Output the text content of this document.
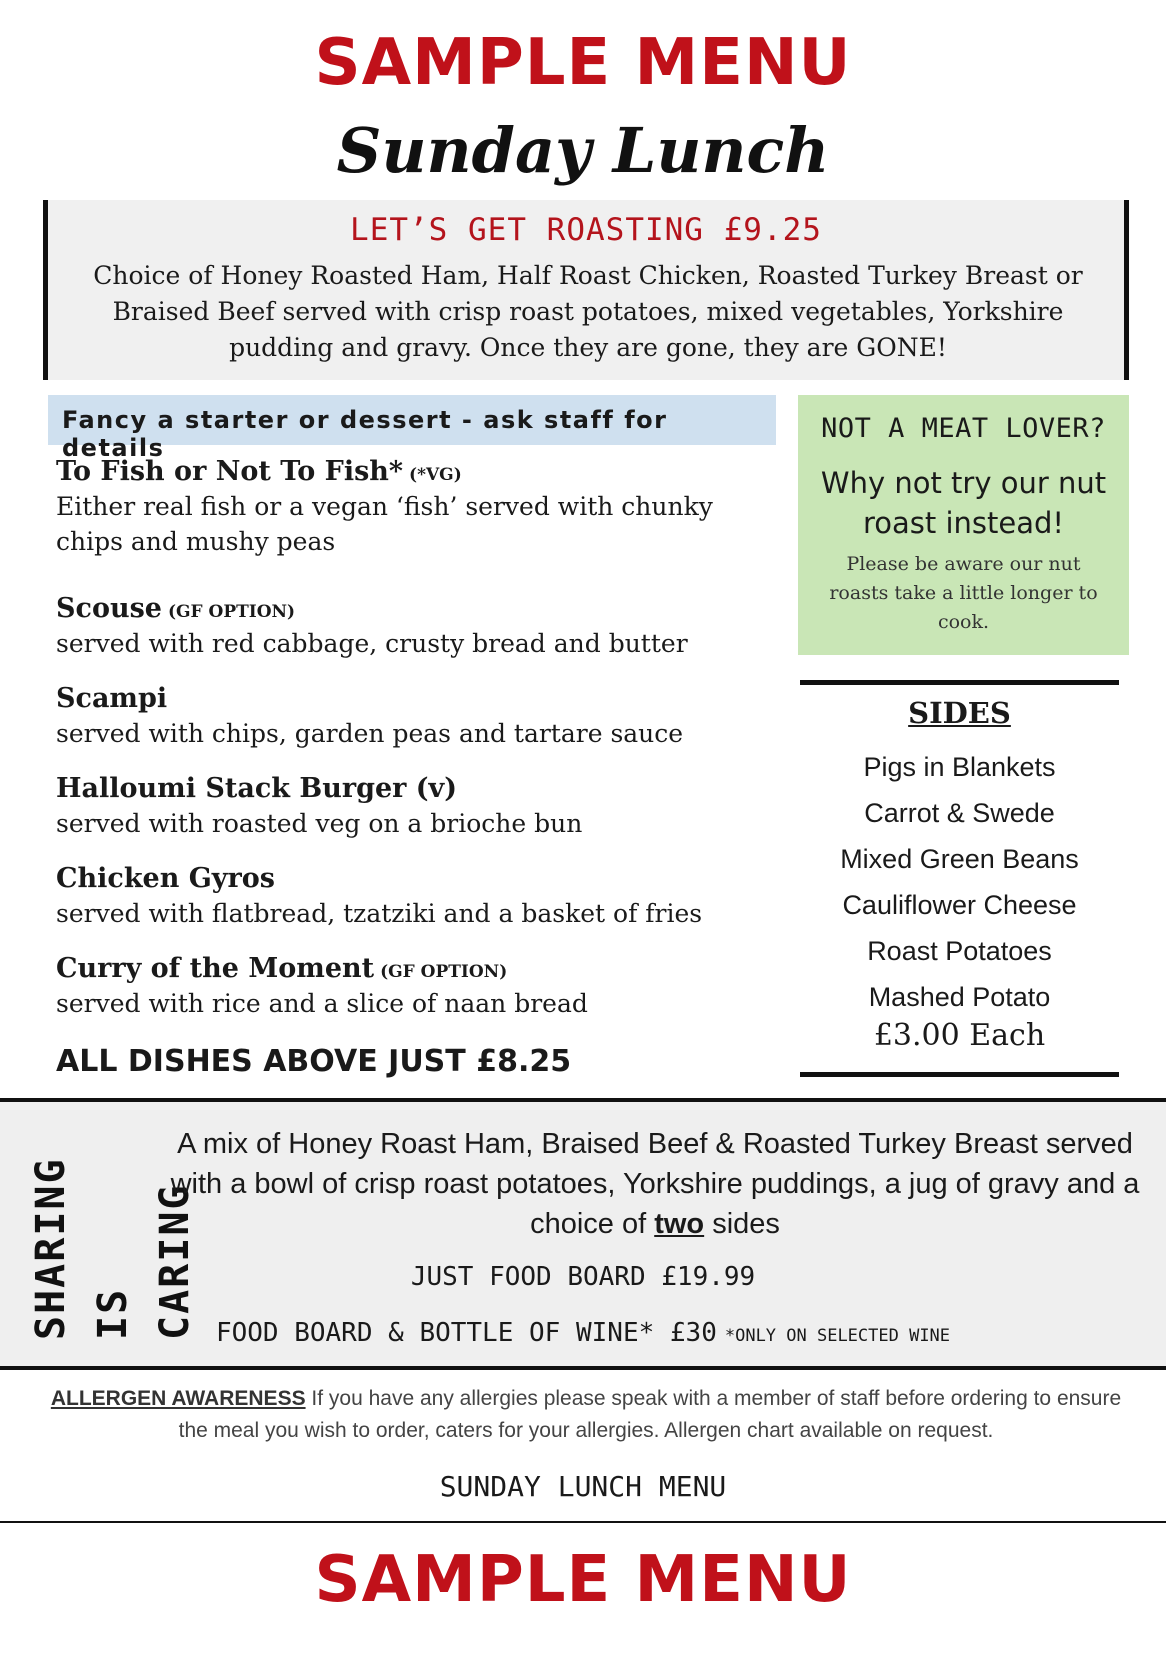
SAMPLE MENU
Sunday Lunch
LET’S GET ROASTING £9.25
Choice of Honey Roasted Ham, Half Roast Chicken, Roasted Turkey Breast or Braised Beef served with crisp roast potatoes, mixed vegetables, Yorkshire pudding and gravy. Once they are gone, they are GONE!
Fancy a starter or dessert - ask staff for details
To Fish or Not To Fish* (*VG)
Either real fish or a vegan ‘fish’ served with chunky chips and mushy peas
Scouse (GF OPTION)
served with red cabbage, crusty bread and butter
Scampi
served with chips, garden peas and tartare sauce
Halloumi Stack Burger (v)
served with roasted veg on a brioche bun
Chicken Gyros
served with flatbread, tzatziki and a basket of fries
Curry of the Moment (GF OPTION)
served with rice and a slice of naan bread
ALL DISHES ABOVE JUST £8.25
NOT A MEAT LOVER?
Why not try our nut roast instead!
Please be aware our nut roasts take a little longer to cook.
SIDES
Pigs in Blankets
Carrot & Swede
Mixed Green Beans
Cauliflower Cheese
Roast Potatoes
Mashed Potato
£3.00 Each
SHARING IS CARING
A mix of Honey Roast Ham, Braised Beef & Roasted Turkey Breast served with a bowl of crisp roast potatoes, Yorkshire puddings, a jug of gravy and a choice of two sides
JUST FOOD BOARD £19.99
FOOD BOARD & BOTTLE OF WINE* £30 *ONLY ON SELECTED WINE
ALLERGEN AWARENESS If you have any allergies please speak with a member of staff before ordering to ensure the meal you wish to order, caters for your allergies. Allergen chart available on request.
SUNDAY LUNCH MENU
SAMPLE MENU
